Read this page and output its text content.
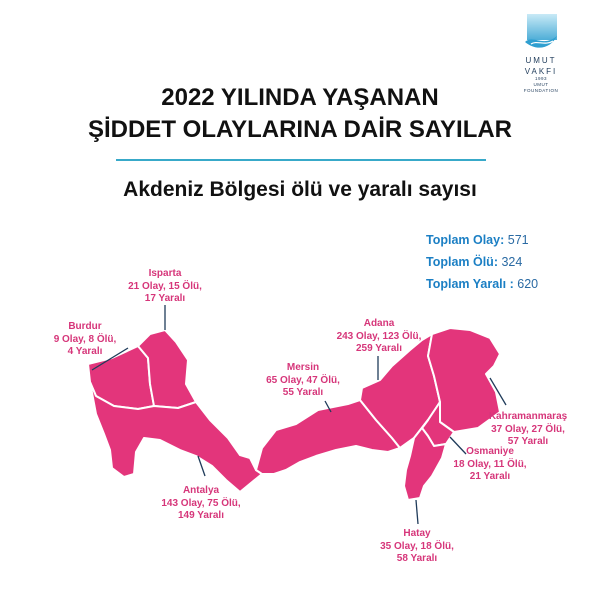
UMUT
VAKFI
1993
UMUT
FOUNDATION
2022 YILINDA YAŞANAN
ŞİDDET OLAYLARINA DAİR SAYILAR
Akdeniz Bölgesi ölü ve yaralı sayısı
Toplam Olay: 571
Toplam Ölü: 324
Toplam Yaralı : 620
Isparta
21 Olay, 15 Ölü,
17 Yaralı
Burdur
9 Olay, 8 Ölü,
4 Yaralı
Antalya
143 Olay, 75 Ölü,
149 Yaralı
Mersin
65 Olay, 47 Ölü,
55 Yaralı
Adana
243 Olay, 123 Ölü,
259 Yaralı
Kahramanmaraş
37 Olay, 27 Ölü,
57 Yaralı
Osmaniye
18 Olay, 11 Ölü,
21 Yaralı
Hatay
35 Olay, 18 Ölü,
58 Yaralı
